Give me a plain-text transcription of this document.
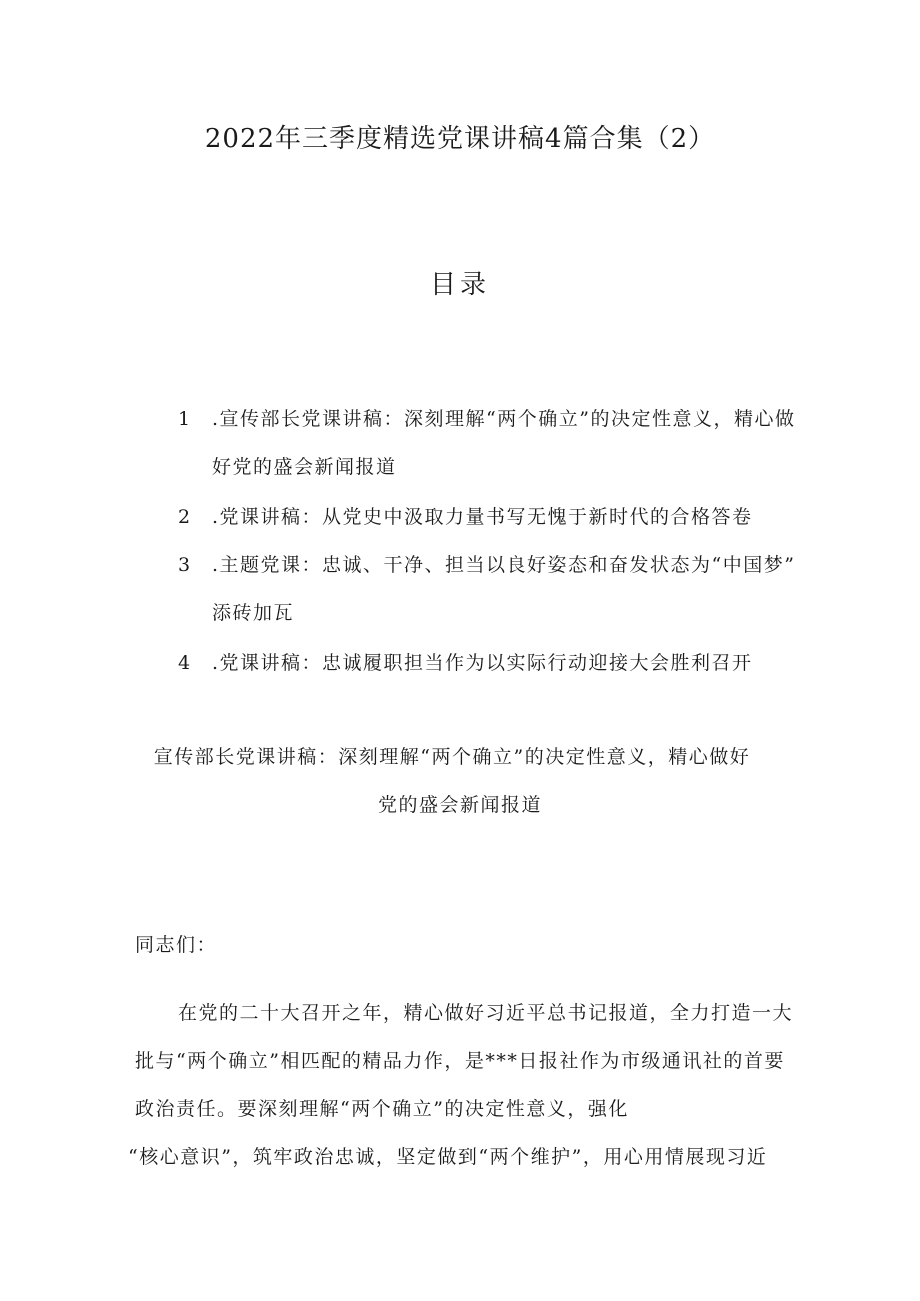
2022年三季度精选党课讲稿4篇合集（2）
目录
1 .宣传部长党课讲稿：深刻理解“两个确立”的决定性意义，精心做
好党的盛会新闻报道
2 .党课讲稿：从党史中汲取力量书写无愧于新时代的合格答卷
3 .主题党课：忠诚、干净、担当以良好姿态和奋发状态为“中国梦”
添砖加瓦
4 .党课讲稿：忠诚履职担当作为以实际行动迎接大会胜利召开
宣传部长党课讲稿：深刻理解“两个确立”的决定性意义，精心做好
党的盛会新闻报道
同志们：
在党的二十大召开之年，精心做好习近平总书记报道，全力打造一大
批与“两个确立”相匹配的精品力作，是***日报社作为市级通讯社的首要
政治责任。要深刻理解“两个确立”的决定性意义，强化
“核心意识”，筑牢政治忠诚，坚定做到“两个维护”，用心用情展现习近
